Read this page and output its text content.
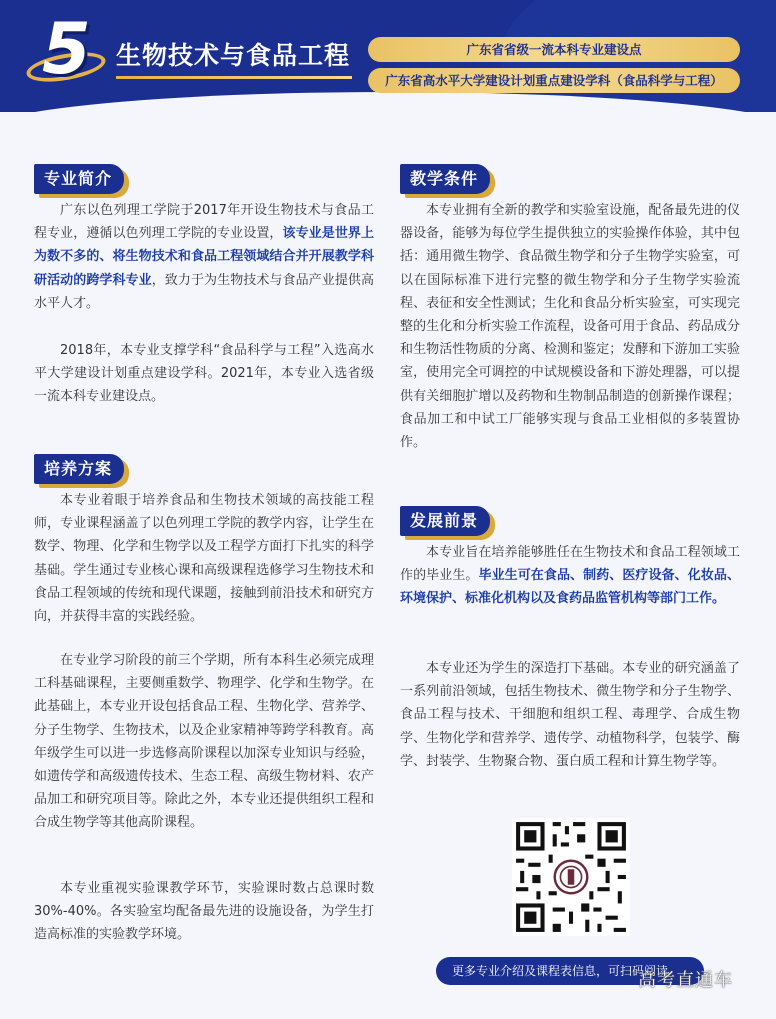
5 生物技术与食品工程	广东省省级一流本科专业建设点
广东省高水平大学建设计划重点建设学科（食品科学与工程）
专业简介
广东以色列理工学院于2017年开设生物技术与食品工程专业，遵循以色列理工学院的专业设置，该专业是世界上为数不多的、将生物技术和食品工程领域结合并开展教学科研活动的跨学科专业，致力于为生物技术与食品产业提供高水平人才。
2018年，本专业支撑学科“食品科学与工程”入选高水平大学建设计划重点建设学科。2021年，本专业入选省级一流本科专业建设点。
培养方案
本专业着眼于培养食品和生物技术领域的高技能工程师，专业课程涵盖了以色列理工学院的教学内容，让学生在数学、物理、化学和生物学以及工程学方面打下扎实的科学基础。学生通过专业核心课和高级课程选修学习生物技术和食品工程领域的传统和现代课题，接触到前沿技术和研究方向，并获得丰富的实践经验。
在专业学习阶段的前三个学期，所有本科生必须完成理工科基础课程，主要侧重数学、物理学、化学和生物学。在此基础上，本专业开设包括食品工程、生物化学、营养学、分子生物学、生物技术，以及企业家精神等跨学科教育。高年级学生可以进一步选修高阶课程以加深专业知识与经验，如遗传学和高级遗传技术、生态工程、高级生物材料、农产品加工和研究项目等。除此之外，本专业还提供组织工程和合成生物学等其他高阶课程。
本专业重视实验课教学环节，实验课时数占总课时数30%-40%。各实验室均配备最先进的设施设备，为学生打造高标准的实验教学环境。
教学条件
本专业拥有全新的教学和实验室设施，配备最先进的仪器设备，能够为每位学生提供独立的实验操作体验，其中包括：通用微生物学、食品微生物学和分子生物学实验室，可以在国际标准下进行完整的微生物学和分子生物学实验流程、表征和安全性测试；生化和食品分析实验室，可实现完整的生化和分析实验工作流程，设备可用于食品、药品成分和生物活性物质的分离、检测和鉴定；发酵和下游加工实验室，使用完全可调控的中试规模设备和下游处理器，可以提供有关细胞扩增以及药物和生物制品制造的创新操作课程；食品加工和中试工厂能够实现与食品工业相似的多装置协作。
发展前景
本专业旨在培养能够胜任在生物技术和食品工程领域工作的毕业生。毕业生可在食品、制药、医疗设备、化妆品、环境保护、标准化机构以及食药品监管机构等部门工作。
本专业还为学生的深造打下基础。本专业的研究涵盖了一系列前沿领域，包括生物技术、微生物学和分子生物学、食品工程与技术、干细胞和组织工程、毒理学、合成生物学、生物化学和营养学、遗传学、动植物科学，包装学、酶学、封装学、生物聚合物、蛋白质工程和计算生物学等。
更多专业介绍及课程表信息，可扫码阅读
高考直通车
